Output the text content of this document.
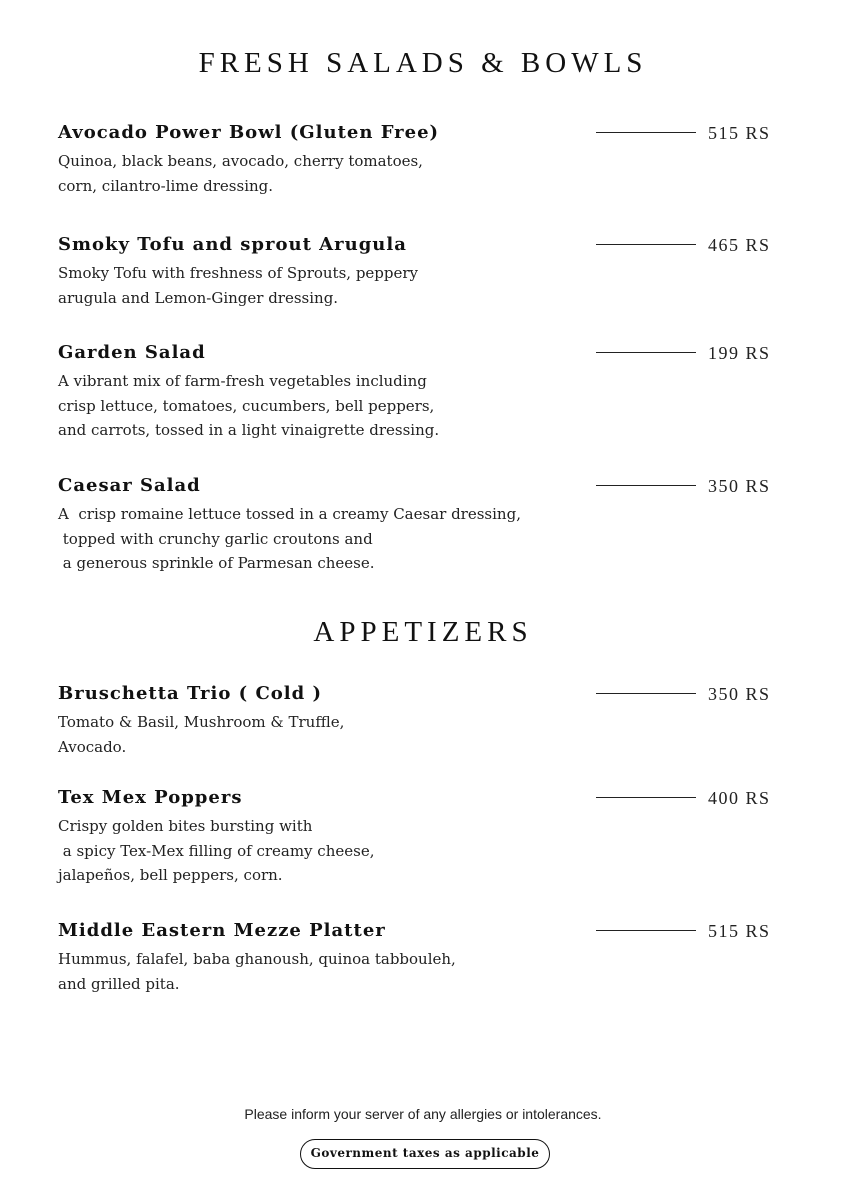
FRESH SALADS & BOWLS
Avocado Power Bowl (Gluten Free)
Quinoa, black beans, avocado, cherry tomatoes,
corn, cilantro-lime dressing.
515 RS
Smoky Tofu and sprout Arugula
Smoky Tofu with freshness of Sprouts, peppery
arugula and Lemon-Ginger dressing.
465 RS
Garden Salad
A vibrant mix of farm-fresh vegetables including
crisp lettuce, tomatoes, cucumbers, bell peppers,
and carrots, tossed in a light vinaigrette dressing.
199 RS
Caesar Salad
A  crisp romaine lettuce tossed in a creamy Caesar dressing,
topped with crunchy garlic croutons and
a generous sprinkle of Parmesan cheese.
350 RS
APPETIZERS
Bruschetta Trio ( Cold )
Tomato & Basil, Mushroom & Truffle,
Avocado.
350 RS
Tex Mex Poppers
Crispy golden bites bursting with
a spicy Tex-Mex filling of creamy cheese,
jalapeños, bell peppers, corn.
400 RS
Middle Eastern Mezze Platter
Hummus, falafel, baba ghanoush, quinoa tabbouleh,
and grilled pita.
515 RS
Please inform your server of any allergies or intolerances.
Government taxes as applicable
